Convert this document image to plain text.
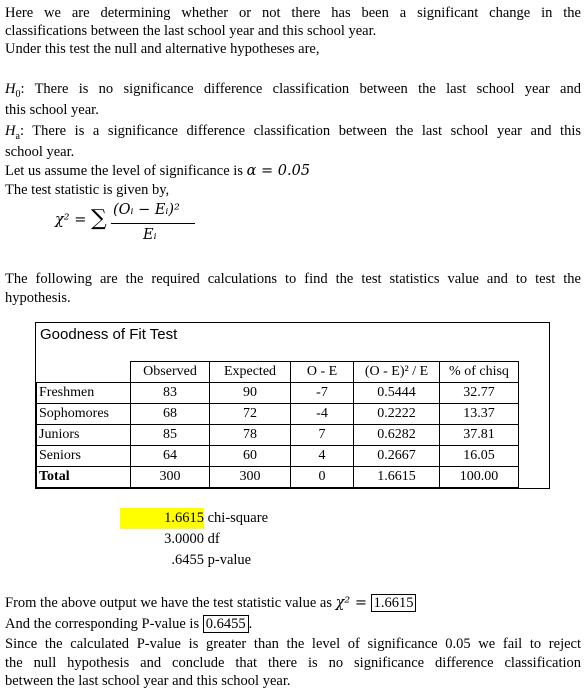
Here we are determining whether or not there has been a significant change in the

classifications between the last school year and this school year.

Under this test the null and alternative hypotheses are,

$H_0$: There is no significance difference classification between the last school year and

this school year.

$H_a$: There is a significance difference classification between the last school year and this

school year.

Let us assume the level of significance is α = 0.05

The test statistic is given by,

χ² = ∑ (Oᵢ − Eᵢ)²
Eᵢ

The following are the required calculations to find the test statistics value and to test the

hypothesis.

Goodness of Fit Test
	Observed	Expected	O - E	(O - E)² / E	% of chisq
Freshmen	83	90	-7	0.5444	32.77
Sophomores	68	72	-4	0.2222	13.37
Juniors	85	78	7	0.6282	37.81
Seniors	64	60	4	0.2667	16.05
Total	300	300	0	1.6615	100.00
1.6615 chi-square
3.0000 df
.6455 p-value

From the above output we have the test statistic value as χ² = 1.6615

And the corresponding P-value is 0.6455 .

Since the calculated P-value is greater than the level of significance 0.05 we fail to reject

the null hypothesis and conclude that there is no significance difference classification

between the last school year and this school year.
